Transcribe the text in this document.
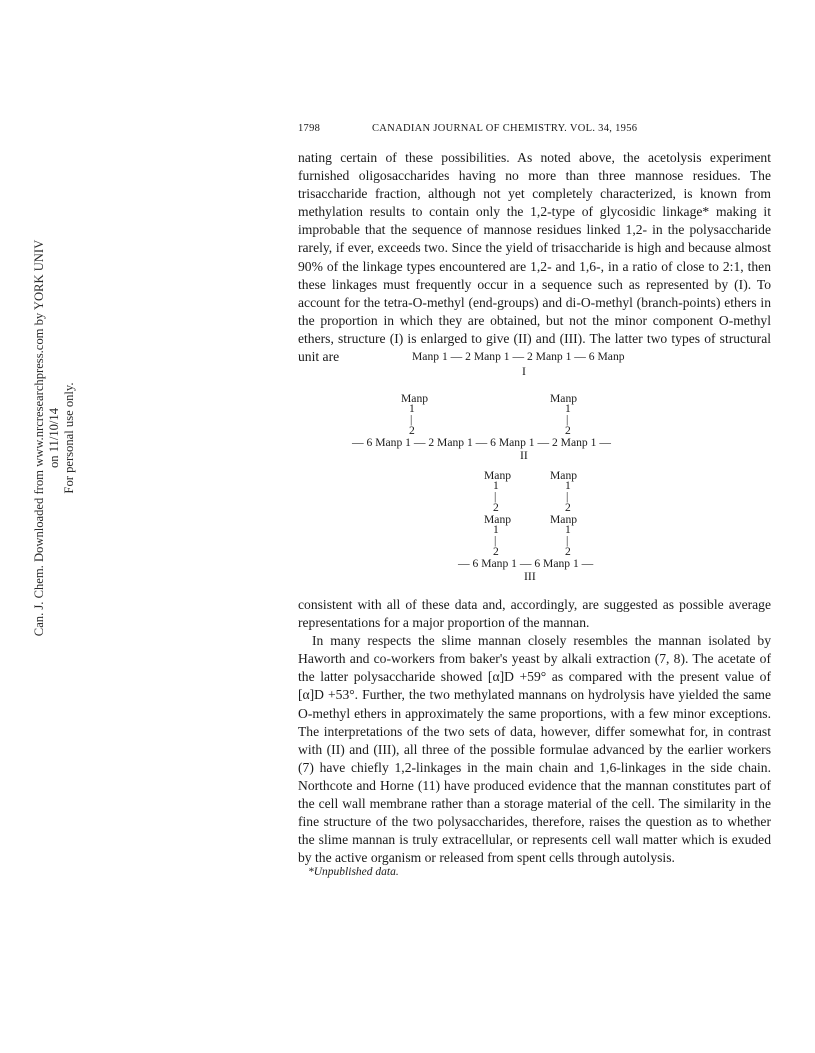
Can. J. Chem. Downloaded from www.nrcresearchpress.com by YORK UNIV on 11/10/14 For personal use only.
1798	CANADIAN JOURNAL OF CHEMISTRY. VOL. 34, 1956

nating certain of these possibilities. As noted above, the acetolysis experiment furnished oligosaccharides having no more than three mannose residues. The trisaccharide fraction, although not yet completely characterized, is known from methylation results to contain only the 1,2-type of glycosidic linkage* making it improbable that the sequence of mannose residues linked 1,2- in the polysaccharide rarely, if ever, exceeds two. Since the yield of trisaccharide is high and because almost 90% of the linkage types encountered are 1,2- and 1,6-, in a ratio of close to 2:1, then these linkages must frequently occur in a sequence such as represented by (I). To account for the tetra-O-methyl (end-groups) and di-O-methyl (branch-points) ethers in the proportion in which they are obtained, but not the minor component O-methyl ethers, structure (I) is enlarged to give (II) and (III). The latter two types of structural unit are	Manp 1 — 2 Manp 1 — 2 Manp 1 — 6 Manp
I
Manp
1
|
2
Manp
1
|
2
— 6 Manp 1 — 2 Manp 1 — 6 Manp 1 — 2 Manp 1 —
II
Manp
1
|
2
Manp
1
|
2
Manp
1
|
2
Manp
1
|
2
— 6 Manp 1 — 6 Manp 1 —
III

consistent with all of these data and, accordingly, are suggested as possible average representations for a major proportion of the mannan.

In many respects the slime mannan closely resembles the mannan isolated by Haworth and co-workers from baker's yeast by alkali extraction (7, 8). The acetate of the latter polysaccharide showed [α]D +59° as compared with the present value of [α]D +53°. Further, the two methylated mannans on hydrolysis have yielded the same O-methyl ethers in approximately the same proportions, with a few minor exceptions. The interpretations of the two sets of data, however, differ somewhat for, in contrast with (II) and (III), all three of the possible formulae advanced by the earlier workers (7) have chiefly 1,2-linkages in the main chain and 1,6-linkages in the side chain. Northcote and Horne (11) have produced evidence that the mannan constitutes part of the cell wall membrane rather than a storage material of the cell. The similarity in the fine structure of the two polysaccharides, therefore, raises the question as to whether the slime mannan is truly extracellular, or represents cell wall matter which is exuded by the active organism or released from spent cells through autolysis.

*Unpublished data.
